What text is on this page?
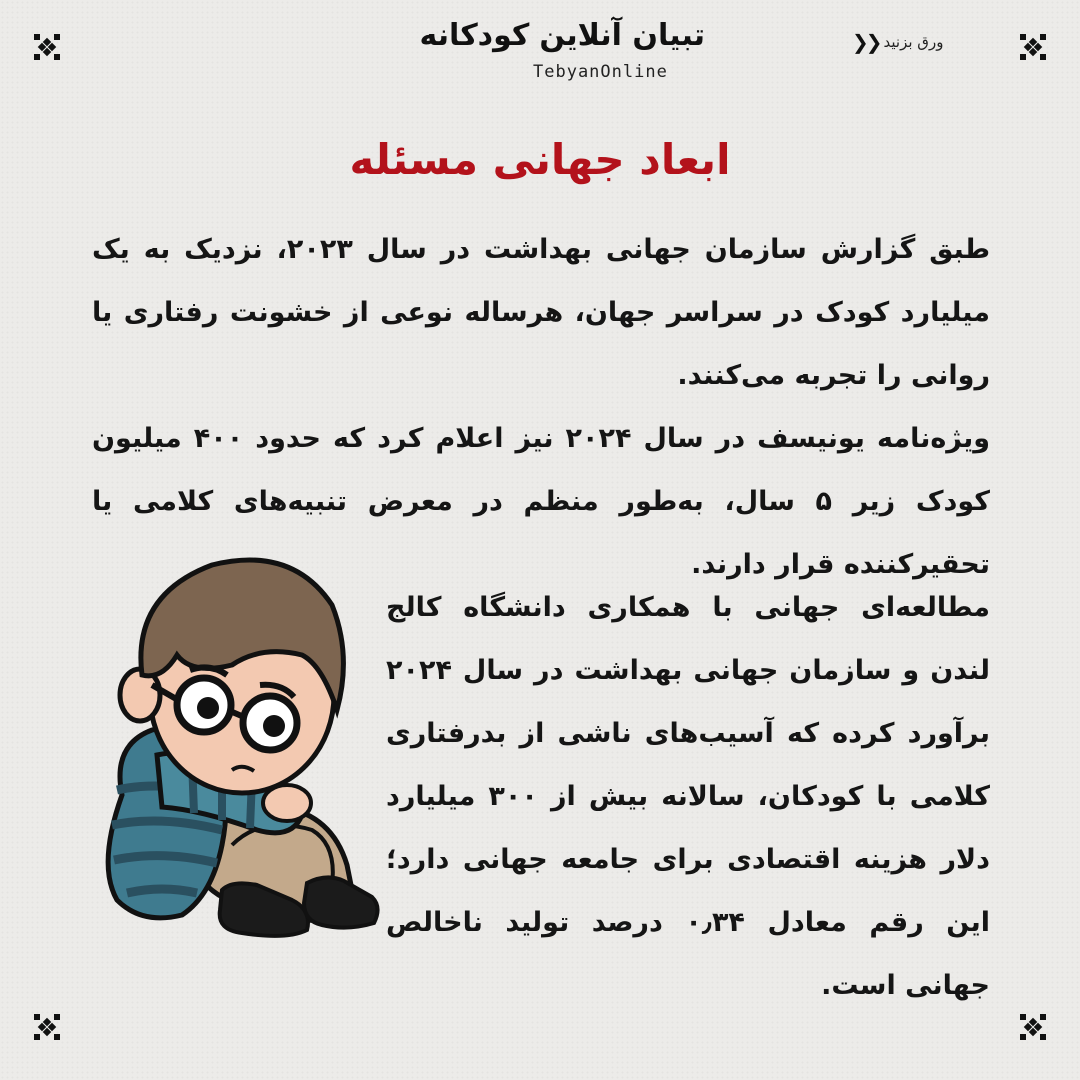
ورق بزنید
❮❮
تبیان آنلاین
کودکانه
TebyanOnline
ابعاد جهانی مسئله

طبق گزارش سازمان جهانی بهداشت در سال ۲۰۲۳، نزدیک به یک میلیارد کودک در سراسر جهان، هرساله نوعی از خشونت رفتاری یا روانی را تجربه می‌کنند.

ویژه‌نامه یونیسف در سال ۲۰۲۴ نیز اعلام کرد که حدود ۴۰۰ میلیون کودک زیر ۵ سال، به‌طور منظم در معرض تنبیه‌های کلامی یا تحقیرکننده قرار دارند.

مطالعه‌ای جهانی با همکاری دانشگاه کالج لندن و سازمان جهانی بهداشت در سال ۲۰۲۴ برآورد کرده که آسیب‌های ناشی از بدرفتاری کلامی با کودکان، سالانه بیش از ۳۰۰ میلیارد دلار هزینه اقتصادی برای جامعه جهانی دارد؛ این رقم معادل ۰٫۳۴ درصد تولید ناخالص جهانی است.
